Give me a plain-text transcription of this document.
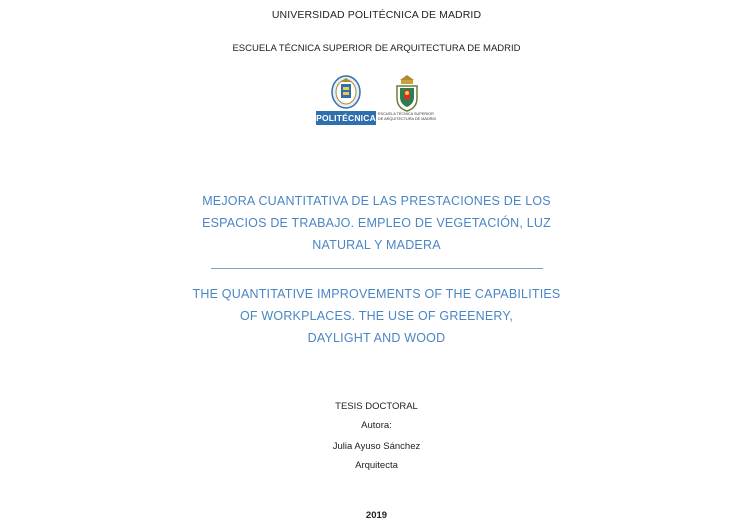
UNIVERSIDAD POLITÉCNICA DE MADRID
ESCUELA TÉCNICA SUPERIOR DE ARQUITECTURA DE MADRID
POLITÉCNICA ESCUELA TÉCNICA SUPERIOR
DE ARQUITECTURA DE MADRID
MEJORA CUANTITATIVA DE LAS PRESTACIONES DE LOS
ESPACIOS DE TRABAJO. EMPLEO DE VEGETACIÓN, LUZ
NATURAL Y MADERA
THE QUANTITATIVE IMPROVEMENTS OF THE CAPABILITIES
OF WORKPLACES. THE USE OF GREENERY,
DAYLIGHT AND WOOD
TESIS DOCTORAL
Autora:
Julia Ayuso Sánchez
Arquitecta
2019
